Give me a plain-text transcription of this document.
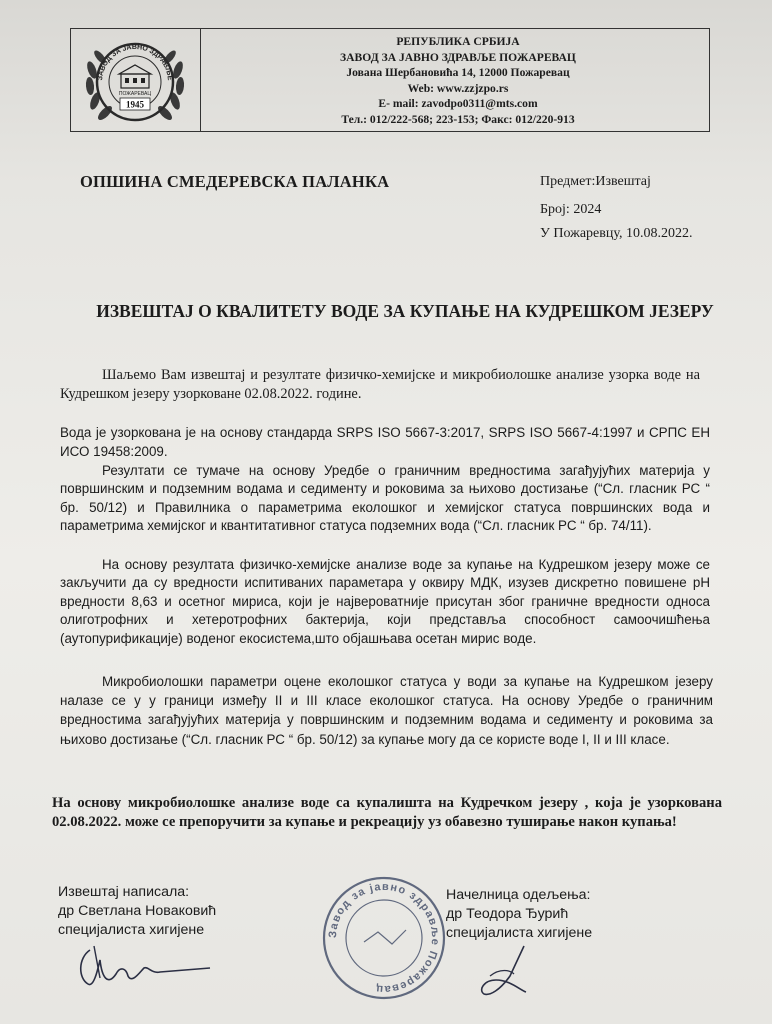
ЗАВОД ЗА ЈАВНО ЗДРАВЉЕ
ПОЖАРЕВАЦ
1945
РЕПУБЛИКА СРБИЈА
ЗАВОД ЗА ЈАВНО ЗДРАВЉЕ ПОЖАРЕВАЦ
Јована Шербановића 14, 12000 Пожаревац
Web: www.zzjzpo.rs
E- mail: zavodpo0311@mts.com
Тел.: 012/222-568; 223-153; Факс: 012/220-913
ОПШИНА СМЕДЕРЕВСКА ПАЛАНКА	Предмет:Извештај
Број: 2024
У Пожаревцу, 10.08.2022.
ИЗВЕШТАЈ О КВАЛИТЕТУ ВОДЕ ЗА КУПАЊЕ НА КУДРЕШКОМ ЈЕЗЕРУ

Шаљемо Вам извештај и резултате физичко-хемијске и микробиолошке анализе узорка воде на Кудрешком језеру узорковане 02.08.2022. године.

Вода је узоркована је на основу стандарда SRPS ISO 5667-3:2017, SRPS ISO 5667-4:1997 и СРПС ЕН ИСО 19458:2009.

Резултати се тумаче на основу Уредбе о граничним вредностима загађујућих материја у површинским и подземним водама и седименту и роковима за њихово достизање (“Сл. гласник РС “ бр. 50/12) и Правилника о параметрима еколошког и хемијског статуса површинских вода и параметрима хемијског и квантитативног статуса подземних вода (“Сл. гласник РС “ бр. 74/11).

На основу резултата физичко-хемијске анализе воде за купање на Кудрешком језеру може се закључити да су вредности испитиваних параметара у оквиру МДК, изузев дискретно повишене pH вредности 8,63 и осетног мириса, који је највероватније присутан због граничне вредности односа олиготрофних и хетеротрофних бактерија, који представља способност самоочишћења (аутопурификације) воденог екосистема,што објашњава осетан мирис воде.

Микробиолошки параметри оцене еколошког статуса у води за купање на Кудрешком језеру налазе се у у граници између II и III класе еколошког статуса. На основу Уредбе о граничним вредностима загађујућих материја у површинским и подземним водама и седименту и роковима за њихово достизање (“Сл. гласник РС “ бр. 50/12) за купање могу да се користе воде I, II и III класе.

На основу микробиолошке анализе воде са купалишта на Кудречком језеру , која је узоркована 02.08.2022. може се препоручити за купање и рекреацију уз обавезно туширање након купања!
Извештај написала:
др Светлана Новаковић
специјалиста хигијене	Завод за јавно здравље Пожаревац
Начелница одељења:
др Теодора Ђурић
специјалиста хигијене
